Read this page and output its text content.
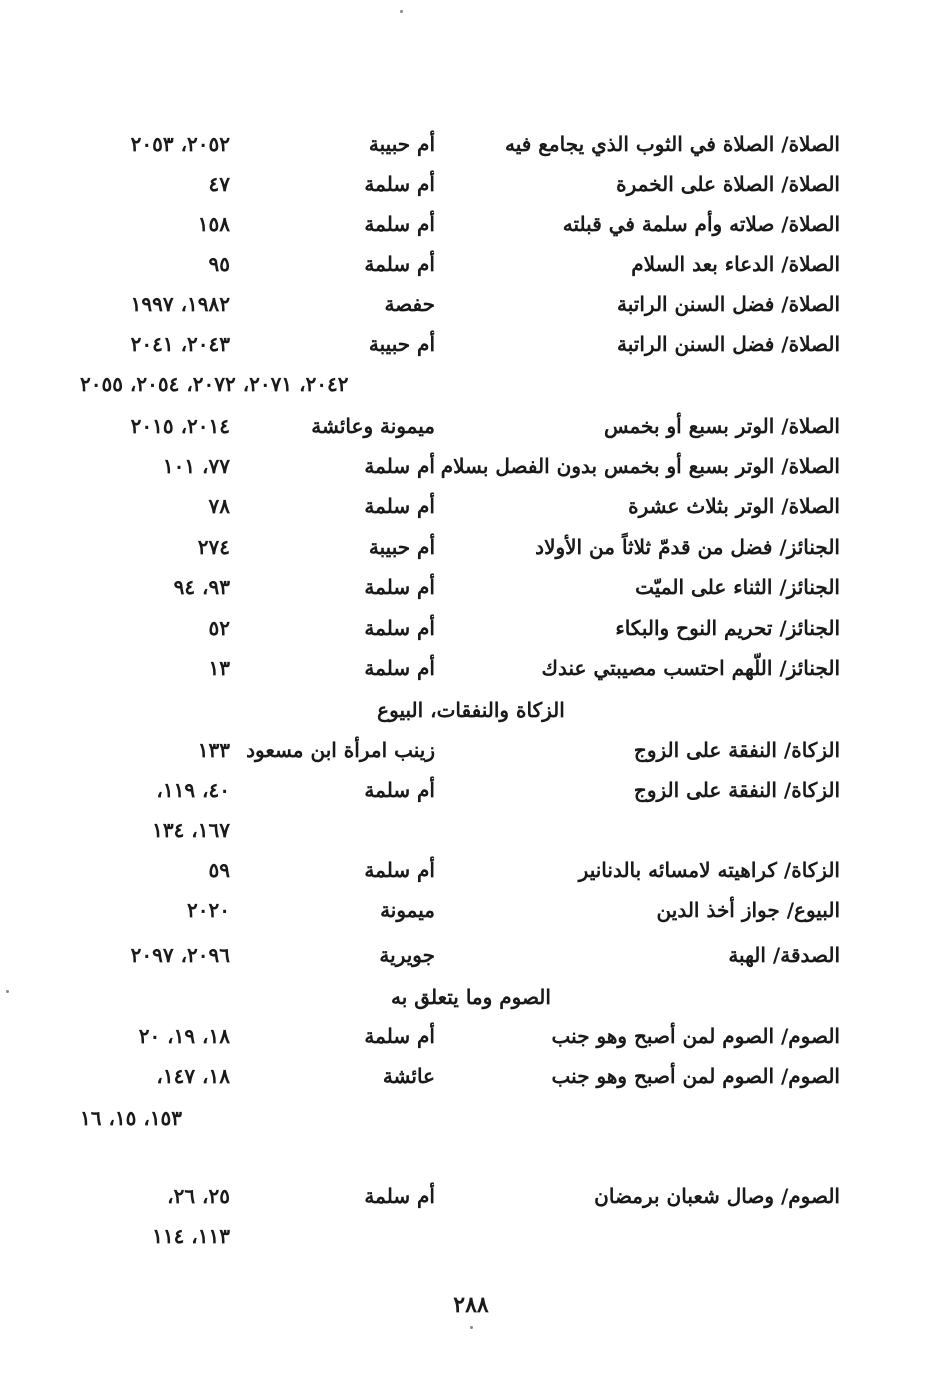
الصلاة/ الصلاة في الثوب الذي يجامع فيه
أم حبيبة
٢٠٥٢، ٢٠٥٣
الصلاة/ الصلاة على الخمرة
أم سلمة
٤٧
الصلاة/ صلاته وأم سلمة في قبلته
أم سلمة
١٥٨
الصلاة/ الدعاء بعد السلام
أم سلمة
٩٥
الصلاة/ فضل السنن الراتبة
حفصة
١٩٨٢، ١٩٩٧
الصلاة/ فضل السنن الراتبة
أم حبيبة
٢٠٤٣، ٢٠٤١
٢٠٤٢، ٢٠٧١، ٢٠٧٢، ٢٠٥٤، ٢٠٥٥
الصلاة/ الوتر بسبع أو بخمس
ميمونة وعائشة
٢٠١٤، ٢٠١٥
الصلاة/ الوتر بسبع أو بخمس بدون الفصل بسلام
أم سلمة
٧٧، ١٠١
الصلاة/ الوتر بثلاث عشرة
أم سلمة
٧٨
الجنائز/ فضل من قدمّ ثلاثاً من الأولاد
أم حبيبة
٢٧٤
الجنائز/ الثناء على الميّت
أم سلمة
٩٣، ٩٤
الجنائز/ تحريم النوح والبكاء
أم سلمة
٥٢
الجنائز/ اللّهم احتسب مصيبتي عندك
أم سلمة
١٣
الزكاة والنفقات، البيوع
الزكاة/ النفقة على الزوج
زينب امرأة ابن مسعود
١٣٣
الزكاة/ النفقة على الزوج
أم سلمة
٤٠، ١١٩،
١٦٧، ١٣٤
الزكاة/ كراهيته لامسائه بالدنانير
أم سلمة
٥٩
البيوع/ جواز أخذ الدين
ميمونة
٢٠٢٠
الصدقة/ الهبة
جويرية
٢٠٩٦، ٢٠٩٧
الصوم وما يتعلق به
الصوم/ الصوم لمن أصبح وهو جنب
أم سلمة
١٨، ١٩، ٢٠
الصوم/ الصوم لمن أصبح وهو جنب
عائشة
١٨، ١٤٧،
١٥٣، ١٥، ١٦
الصوم/ وصال شعبان برمضان
أم سلمة
٢٥، ٢٦،
١١٣، ١١٤
٢٨٨
